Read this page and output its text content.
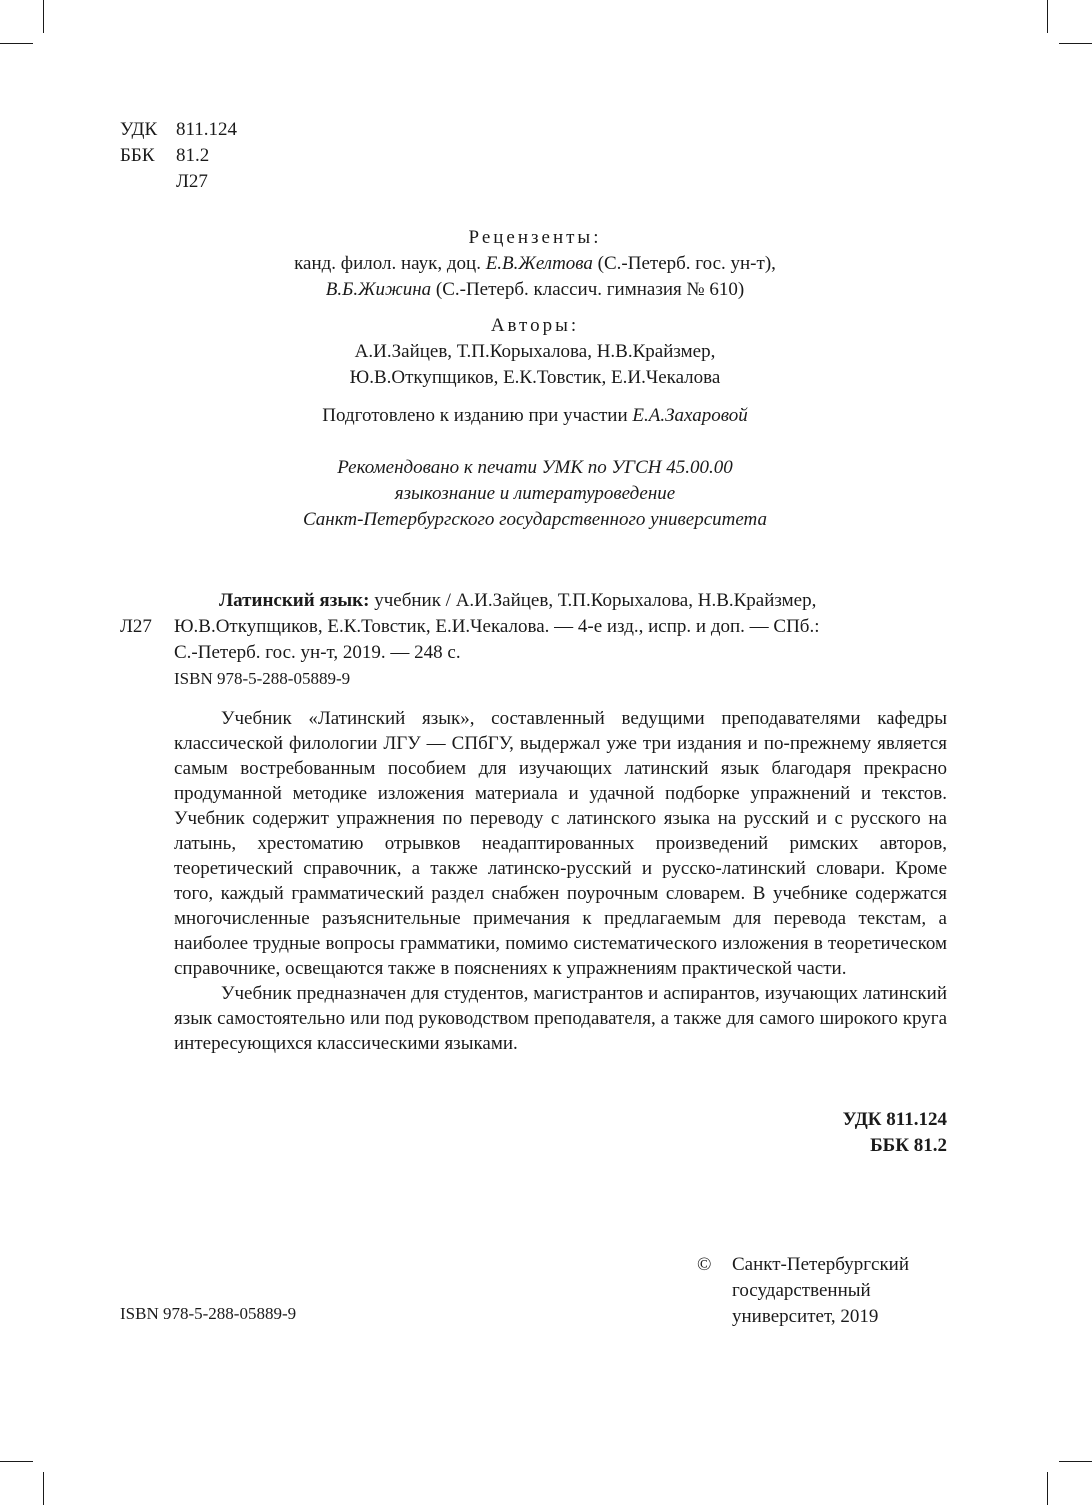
УДК 811.124
ББК 81.2
Л27
Рецензенты:
канд. филол. наук, доц. Е.В.Желтова (С.-Петерб. гос. ун-т),
В.Б.Жижина (С.-Петерб. классич. гимназия № 610)
Авторы:
А.И.Зайцев, Т.П.Корыхалова, Н.В.Крайзмер,
Ю.В.Откупщиков, Е.К.Товстик, Е.И.Чекалова
Подготовлено к изданию при участии Е.А.Захаровой
Рекомендовано к печати УМК по УГСН 45.00.00
языкознание и литературоведение
Санкт-Петербургского государственного университета
Латинский язык: учебник / А.И.Зайцев, Т.П.Корыхалова, Н.В.Крайзмер,
Л27 Ю.В.Откупщиков, Е.К.Товстик, Е.И.Чекалова. — 4-е изд., испр. и доп. — СПб.:
С.-Петерб. гос. ун-т, 2019. — 248 с.
ISBN 978-5-288-05889-9

Учебник «Латинский язык», составленный ведущими преподавателями кафедры классической филологии ЛГУ — СПбГУ, выдержал уже три издания и по-прежнему является самым востребованным пособием для изучающих латинский язык благодаря прекрасно продуманной методике изложения материала и удачной подборке упражнений и текстов. Учебник содержит упражнения по переводу с латинского языка на русский и с русского на латынь, хрестоматию отрывков неадаптированных произведений римских авторов, теоретический справочник, а также латинско-русский и русско-латинский словари. Кроме того, каждый грамматический раздел снабжен поурочным словарем. В учебнике содержатся многочисленные разъяснительные примечания к предлагаемым для перевода текстам, а наиболее трудные вопросы грамматики, помимо систематического изложения в теоретическом справочнике, освещаются также в пояснениях к упражнениям практической части.

Учебник предназначен для студентов, магистрантов и аспирантов, изучающих латинский язык самостоятельно или под руководством преподавателя, а также для самого широкого круга интересующихся классическими языками.

УДК 811.124
ББК 81.2
ISBN 978-5-288-05889-9
© Санкт-Петербургский
государственный
университет, 2019
